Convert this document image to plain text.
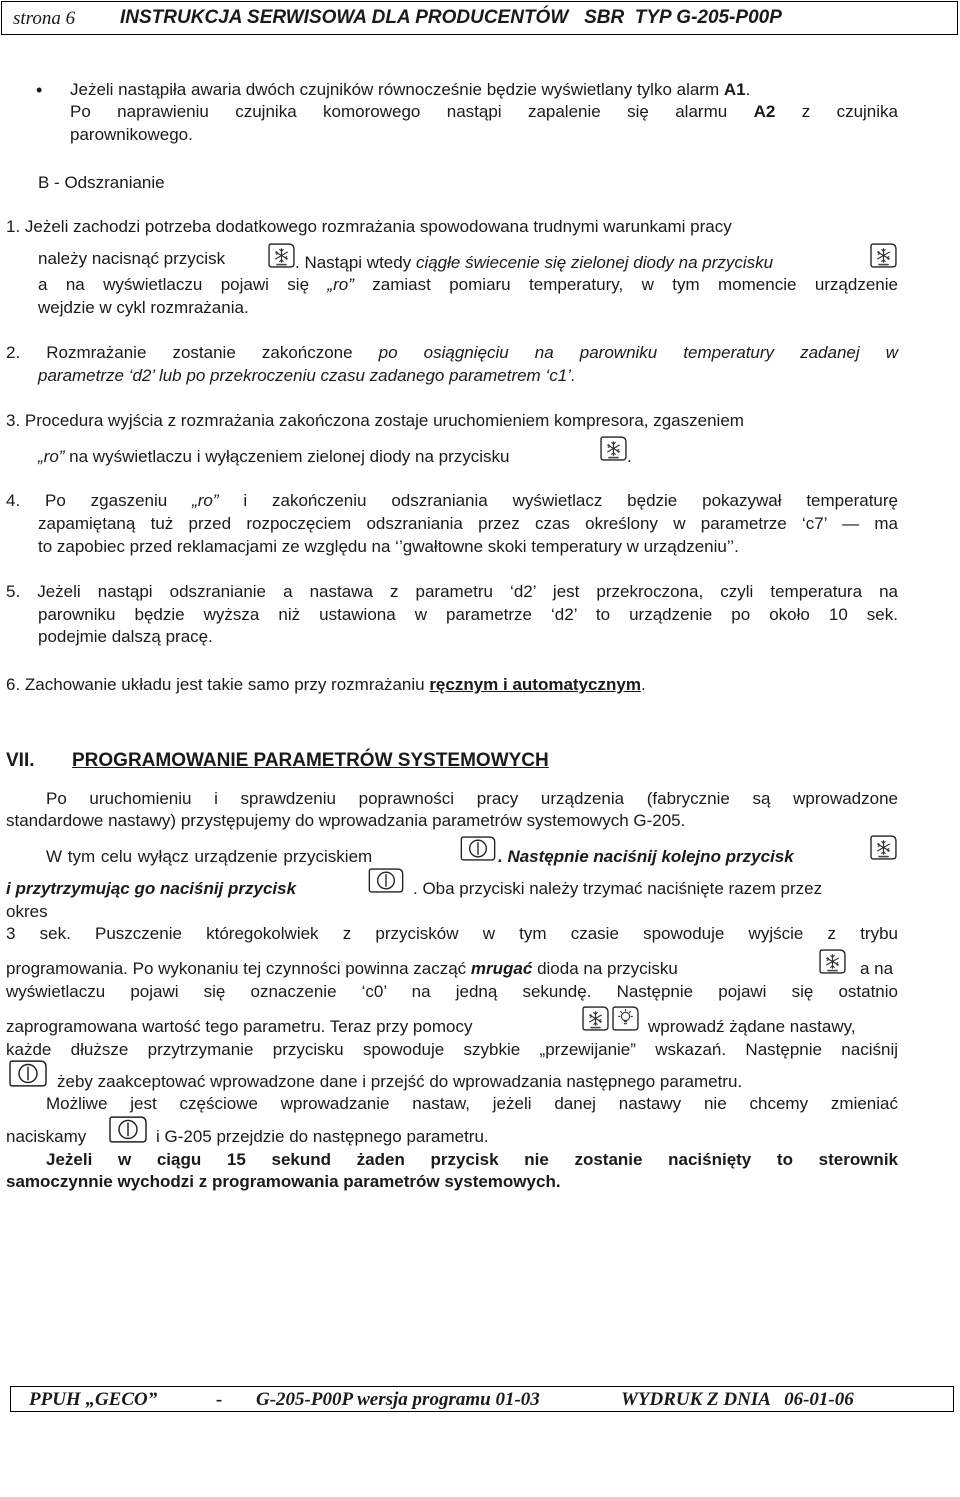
strona 6 INSTRUKCJA SERWISOWA DLA PRODUCENTÓW   SBR  TYP G-205-P00P
• Jeżeli nastąpiła awaria dwóch czujników równocześnie będzie wyświetlany tylko alarm A1.
Po naprawieniu czujnika komorowego nastąpi zapalenie się alarmu A2 z czujnika
parownikowego.
B - Odszranianie
1. Jeżeli zachodzi potrzeba dodatkowego rozmrażania spowodowana trudnymi warunkami pracy
należy nacisnąć przycisk	. Nastąpi wtedy ciągłe świecenie się zielonej diody na przycisku
a na wyświetlaczu pojawi się „ro” zamiast pomiaru temperatury, w tym momencie urządzenie
wejdzie w cykl rozmrażania.
2. Rozmrażanie zostanie zakończone po osiągnięciu na parowniku temperatury zadanej w
parametrze ‘d2’ lub po przekroczeniu czasu zadanego parametrem ‘c1’.
3. Procedura wyjścia z rozmrażania zakończona zostaje uruchomieniem kompresora, zgaszeniem
„ro” na wyświetlaczu i wyłączeniem zielonej diody na przycisku	.
4. Po zgaszeniu „ro” i zakończeniu odszraniania wyświetlacz będzie pokazywał temperaturę
zapamiętaną tuż przed rozpoczęciem odszraniania przez czas określony w parametrze ‘c7’ — ma
to zapobiec przed reklamacjami ze względu na ‘’gwałtowne skoki temperatury w urządzeniu’’.
5. Jeżeli nastąpi odszranianie a nastawa z parametru ‘d2’ jest przekroczona, czyli temperatura na
parowniku będzie wyższa niż ustawiona w parametrze ‘d2’ to urządzenie po około 10 sek.
podejmie dalszą pracę.
6. Zachowanie układu jest takie samo przy rozmrażaniu ręcznym i automatycznym.
VII. PROGRAMOWANIE PARAMETRÓW SYSTEMOWYCH
Po uruchomieniu i sprawdzeniu poprawności pracy urządzenia (fabrycznie są wprowadzone
standardowe nastawy) przystępujemy do wprowadzania parametrów systemowych G-205.
W tym celu wyłącz urządzenie przyciskiem	. Następnie naciśnij kolejno przycisk
i przytrzymując go naciśnij przycisk	. Oba przyciski należy trzymać naciśnięte razem przez
okres
3 sek. Puszczenie któregokolwiek z przycisków w tym czasie spowoduje wyjście z trybu
programowania. Po wykonaniu tej czynności powinna zacząć mrugać dioda na przycisku	a na
wyświetlaczu pojawi się oznaczenie ‘c0’ na jedną sekundę. Następnie pojawi się ostatnio
zaprogramowana wartość tego parametru. Teraz przy pomocy	wprowadź żądane nastawy,
każde dłuższe przytrzymanie przycisku spowoduje szybkie „przewijanie” wskazań. Następnie naciśnij
żeby zaakceptować wprowadzone dane i przejść do wprowadzania następnego parametru.
Możliwe jest częściowe wprowadzanie nastaw, jeżeli danej nastawy nie chcemy zmieniać
naciskamy	i G-205 przejdzie do następnego parametru.
Jeżeli w ciągu 15 sekund żaden przycisk nie zostanie naciśnięty to sterownik
samoczynnie wychodzi z programowania parametrów systemowych.

PPUH „GECO”

	-

G-205-P00P wersja programu 01-03

	WYDRUK Z DNIA   06-01-06
